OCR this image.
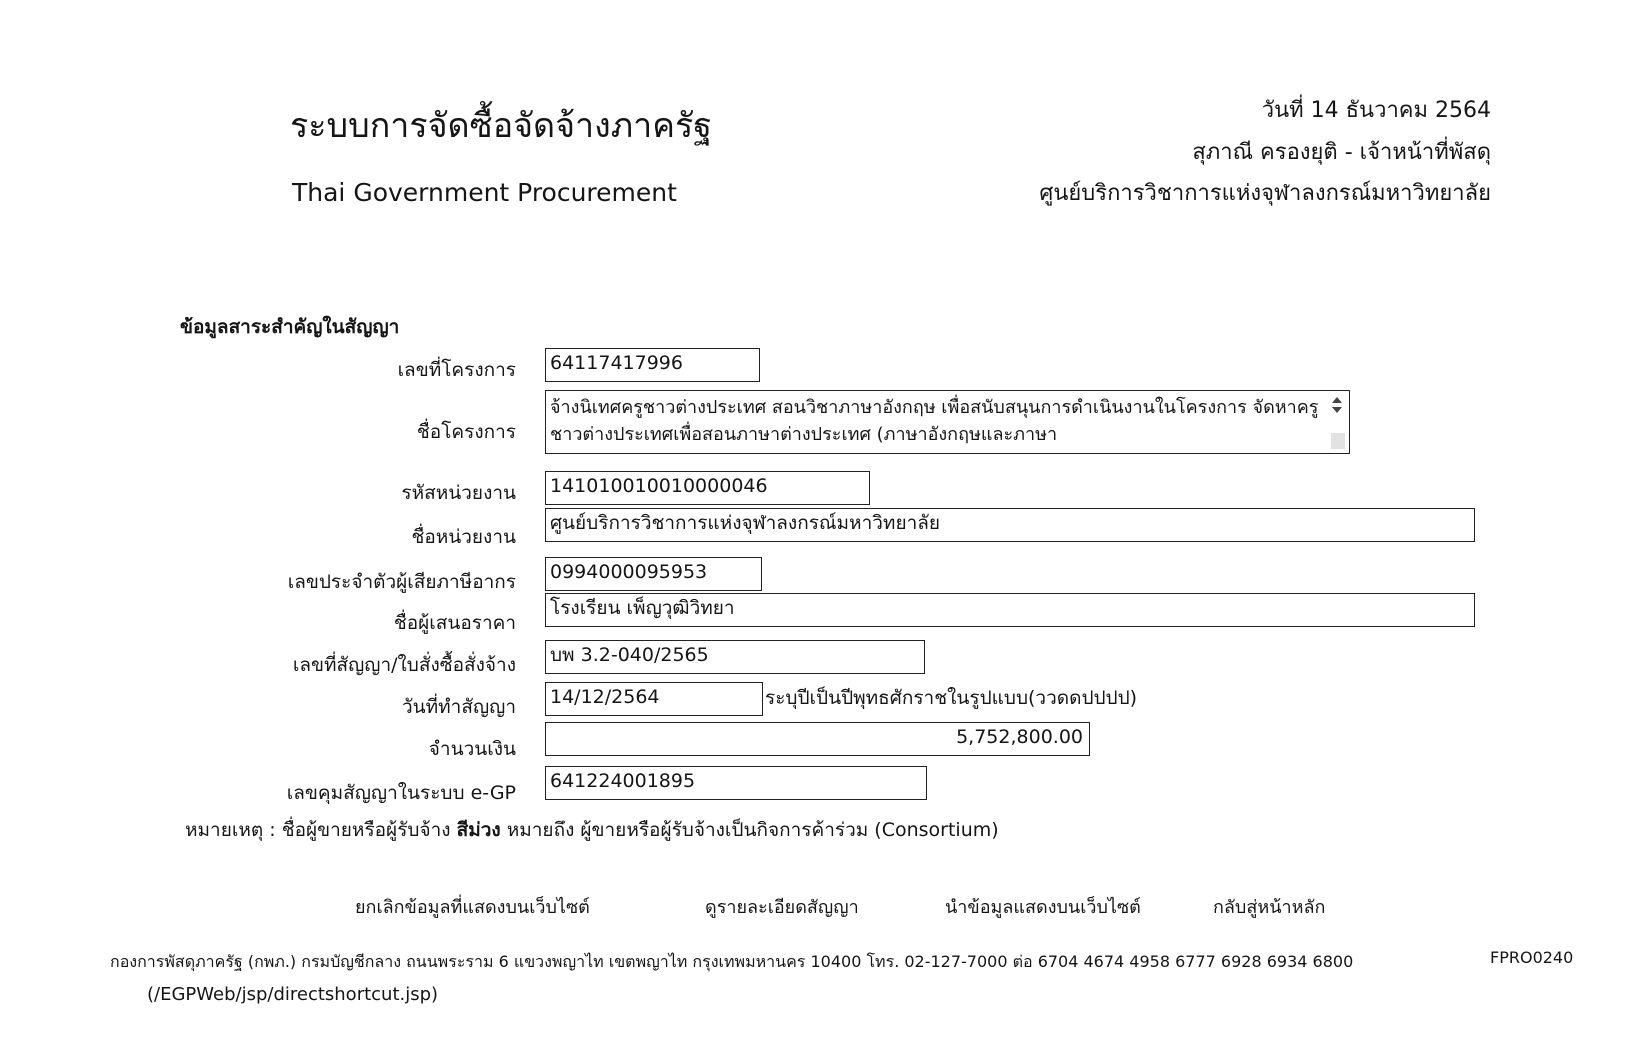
ระบบการจัดซื้อจัดจ้างภาครัฐ
Thai Government Procurement
วันที่ 14 ธันวาคม 2564
สุภาณี ครองยุติ - เจ้าหน้าที่พัสดุ
ศูนย์บริการวิชาการแห่งจุฬาลงกรณ์มหาวิทยาลัย
ข้อมูลสาระสำคัญในสัญญา
เลขที่โครงการ 64117417996
ชื่อโครงการ
จ้างนิเทศครูชาวต่างประเทศ สอนวิชาภาษาอังกฤษ เพื่อสนับสนุนการดำเนินงานในโครงการ จัดหาครูชาวต่างประเทศเพื่อสอนภาษาต่างประเทศ (ภาษาอังกฤษและภาษา
รหัสหน่วยงาน 141010010010000046
ชื่อหน่วยงาน
ศูนย์บริการวิชาการแห่งจุฬาลงกรณ์มหาวิทยาลัย
เลขประจำตัวผู้เสียภาษีอากร 0994000095953
ชื่อผู้เสนอราคา
โรงเรียน เพ็ญวุฒิวิทยา
เลขที่สัญญา/ใบสั่งซื้อสั่งจ้าง บพ 3.2-040/2565
วันที่ทำสัญญา 14/12/2564	ระบุปีเป็นปีพุทธศักราชในรูปแบบ(ววดดปปปป)
จำนวนเงิน
5,752,800.00
เลขคุมสัญญาในระบบ e-GP
641224001895
หมายเหตุ : ชื่อผู้ขายหรือผู้รับจ้าง สีม่วง หมายถึง ผู้ขายหรือผู้รับจ้างเป็นกิจการค้าร่วม (Consortium)
ยกเลิกข้อมูลที่แสดงบนเว็บไซต์	ดูรายละเอียดสัญญา	นำข้อมูลแสดงบนเว็บไซต์	กลับสู่หน้าหลัก
กองการพัสดุภาครัฐ (กพภ.) กรมบัญชีกลาง ถนนพระราม 6 แขวงพญาไท เขตพญาไท กรุงเทพมหานคร 10400 โทร. 02-127-7000 ต่อ 6704 4674 4958 6777 6928 6934 6800	FPRO0240
(/EGPWeb/jsp/directshortcut.jsp)
